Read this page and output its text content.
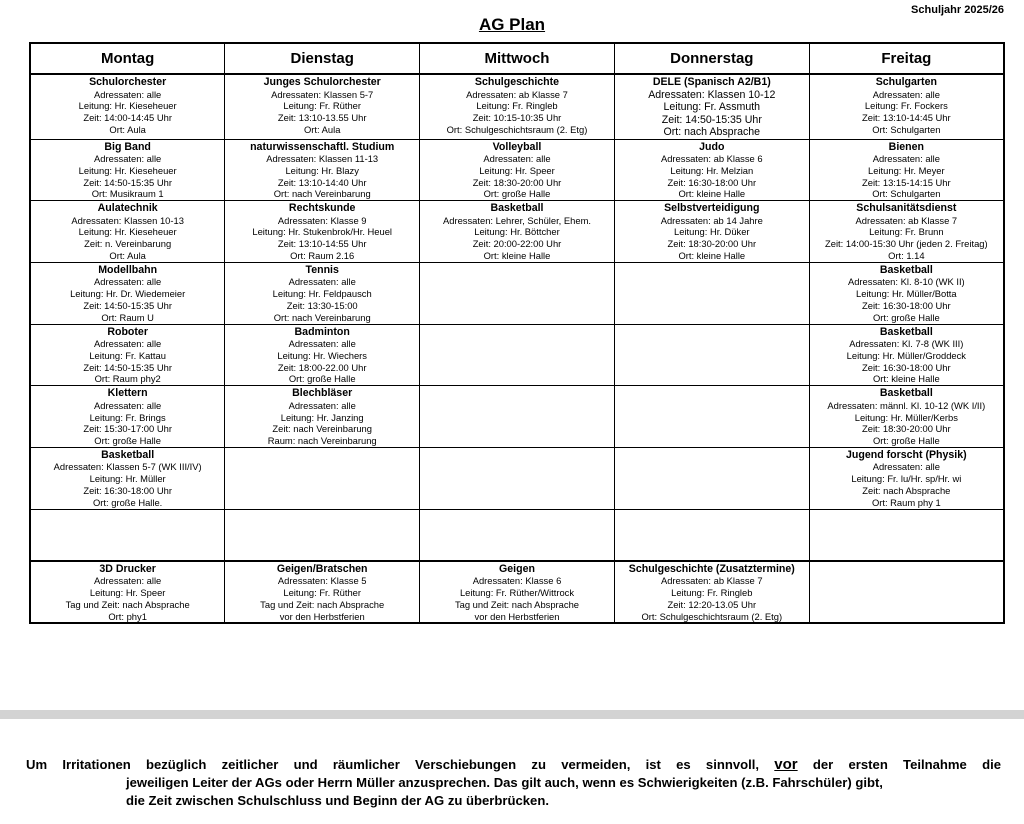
AG Plan
Schuljahr 2025/26
Montag	Dienstag	Mittwoch	Donnerstag	Freitag

Schulorchester
Adressaten: alle
Leitung: Hr. Kieseheuer
Zeit: 14:00-14:45 Uhr
Ort: Aula	Junges Schulorchester
Adressaten: Klassen 5-7
Leitung: Fr. Rüther
Zeit: 13:10-13.55 Uhr
Ort: Aula	Schulgeschichte
Adressaten: ab Klasse 7
Leitung: Fr. Ringleb
Zeit: 10:15-10:35 Uhr
Ort: Schulgeschichtsraum (2. Etg)	DELE (Spanisch A2/B1)
Adressaten: Klassen 10-12
Leitung: Fr. Assmuth
Zeit: 14:50-15:35 Uhr
Ort: nach Absprache	Schulgarten
Adressaten: alle
Leitung: Fr. Fockers
Zeit: 13:10-14:45 Uhr
Ort: Schulgarten

Big Band
Adressaten: alle
Leitung: Hr. Kieseheuer
Zeit: 14:50-15:35 Uhr
Ort: Musikraum 1	naturwissenschaftl. Studium
Adressaten: Klassen 11-13
Leitung: Hr. Blazy
Zeit: 13:10-14:40 Uhr
Ort: nach Vereinbarung	Volleyball
Adressaten: alle
Leitung: Hr. Speer
Zeit: 18:30-20:00 Uhr
Ort: große Halle	Judo
Adressaten: ab Klasse 6
Leitung: Hr. Melzian
Zeit: 16:30-18:00 Uhr
Ort: kleine Halle	Bienen
Adressaten: alle
Leitung: Hr. Meyer
Zeit: 13:15-14:15 Uhr
Ort: Schulgarten

Aulatechnik
Adressaten: Klassen 10-13
Leitung: Hr. Kieseheuer
Zeit: n. Vereinbarung
Ort: Aula	Rechtskunde
Adressaten: Klasse 9
Leitung: Hr. Stukenbrok/Hr. Heuel
Zeit: 13:10-14:55 Uhr
Ort: Raum 2.16	Basketball
Adressaten: Lehrer, Schüler, Ehem.
Leitung: Hr. Böttcher
Zeit: 20:00-22:00 Uhr
Ort: kleine Halle	Selbstverteidigung
Adressaten: ab 14 Jahre
Leitung: Hr. Düker
Zeit: 18:30-20:00 Uhr
Ort: kleine Halle	Schulsanitätsdienst
Adressaten: ab Klasse 7
Leitung: Fr. Brunn
Zeit: 14:00-15:30 Uhr (jeden 2. Freitag)
Ort: 1.14

Modellbahn
Adressaten: alle
Leitung: Hr. Dr. Wiedemeier
Zeit: 14:50-15:35 Uhr
Ort: Raum U	Tennis
Adressaten: alle
Leitung: Hr. Feldpausch
Zeit: 13:30-15:00
Ort: nach Vereinbarung			Basketball
Adressaten: Kl. 8-10 (WK II)
Leitung: Hr. Müller/Botta
Zeit: 16:30-18:00 Uhr
Ort: große Halle

Roboter
Adressaten: alle
Leitung: Fr. Kattau
Zeit: 14:50-15:35 Uhr
Ort: Raum phy2	Badminton
Adressaten: alle
Leitung: Hr. Wiechers
Zeit: 18:00-22.00 Uhr
Ort: große Halle			Basketball
Adressaten: Kl. 7-8 (WK III)
Leitung: Hr. Müller/Groddeck
Zeit: 16:30-18:00 Uhr
Ort: kleine Halle

Klettern
Adressaten: alle
Leitung: Fr. Brings
Zeit: 15:30-17:00 Uhr
Ort: große Halle	Blechbläser
Adressaten: alle
Leitung: Hr. Janzing
Zeit: nach Vereinbarung
Raum: nach Vereinbarung			Basketball
Adressaten: männl. Kl. 10-12 (WK I/II)
Leitung: Hr. Müller/Kerbs
Zeit: 18:30-20:00 Uhr
Ort: große Halle

Basketball
Adressaten: Klassen 5-7 (WK III/IV)
Leitung: Hr. Müller
Zeit: 16:30-18:00 Uhr
Ort: große Halle.				Jugend forscht (Physik)
Adressaten: alle
Leitung: Fr. lu/Hr. sp/Hr. wi
Zeit: nach Absprache
Ort: Raum phy 1

3D Drucker
Adressaten: alle
Leitung: Hr. Speer
Tag und Zeit: nach Absprache
Ort: phy1	Geigen/Bratschen
Adressaten: Klasse 5
Leitung: Fr. Rüther
Tag und Zeit: nach Absprache
vor den Herbstferien	Geigen
Adressaten: Klasse 6
Leitung: Fr. Rüther/Wittrock
Tag und Zeit: nach Absprache
vor den Herbstferien	Schulgeschichte (Zusatztermine)
Adressaten: ab Klasse 7
Leitung: Fr. Ringleb
Zeit: 12:20-13.05 Uhr
Ort: Schulgeschichtsraum (2. Etg)	

Um Irritationen bezüglich zeitlicher und räumlicher Verschiebungen zu vermeiden, ist es sinnvoll, vor der ersten Teilnahme die

jeweiligen Leiter der AGs oder Herrn Müller anzusprechen. Das gilt auch, wenn es Schwierigkeiten (z.B. Fahrschüler) gibt,

die Zeit zwischen Schulschluss und Beginn der AG zu überbrücken.
